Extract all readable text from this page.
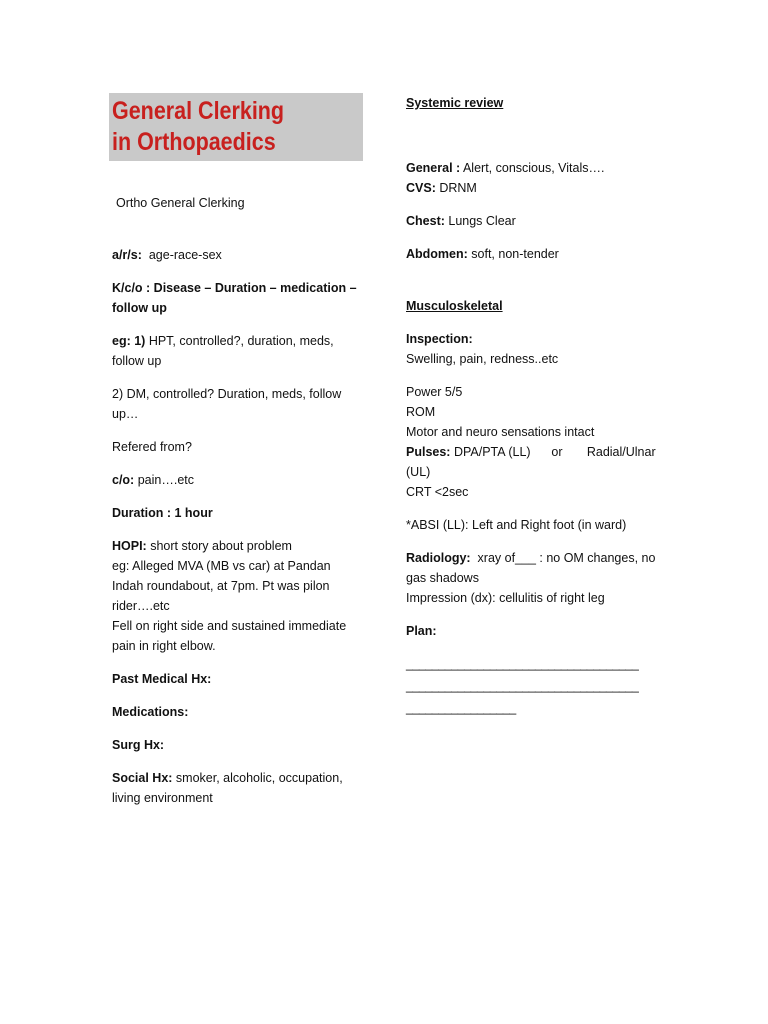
General Clerking
in Orthopaedics
Ortho General Clerking
a/r/s: age-race-sex
K/c/o : Disease – Duration – medication –
follow up
eg: 1) HPT, controlled?, duration, meds,
follow up
2) DM, controlled? Duration, meds, follow
up…
Refered from?
c/o: pain….etc
Duration : 1 hour
HOPI: short story about problem
eg: Alleged MVA (MB vs car) at Pandan
Indah roundabout, at 7pm. Pt was pilon
rider….etc
Fell on right side and sustained immediate
pain in right elbow.
Past Medical Hx:
Medications:
Surg Hx:
Social Hx: smoker, alcoholic, occupation,
living environment
Systemic review
General : Alert, conscious, Vitals….
CVS: DRNM
Chest: Lungs Clear
Abdomen: soft, non-tender
Musculoskeletal
Inspection:
Swelling, pain, redness..etc
Power 5/5
ROM
Motor and neuro sensations intact
Pulses: DPA/PTA (LL)      or       Radial/Ulnar
(UL)
CRT <2sec
*ABSI (LL): Left and Right foot (in ward)
Radiology:  xray of___ : no OM changes, no
gas shadows
Impression (dx): cellulitis of right leg
Plan:
____________________________________
____________________________________
_________________
